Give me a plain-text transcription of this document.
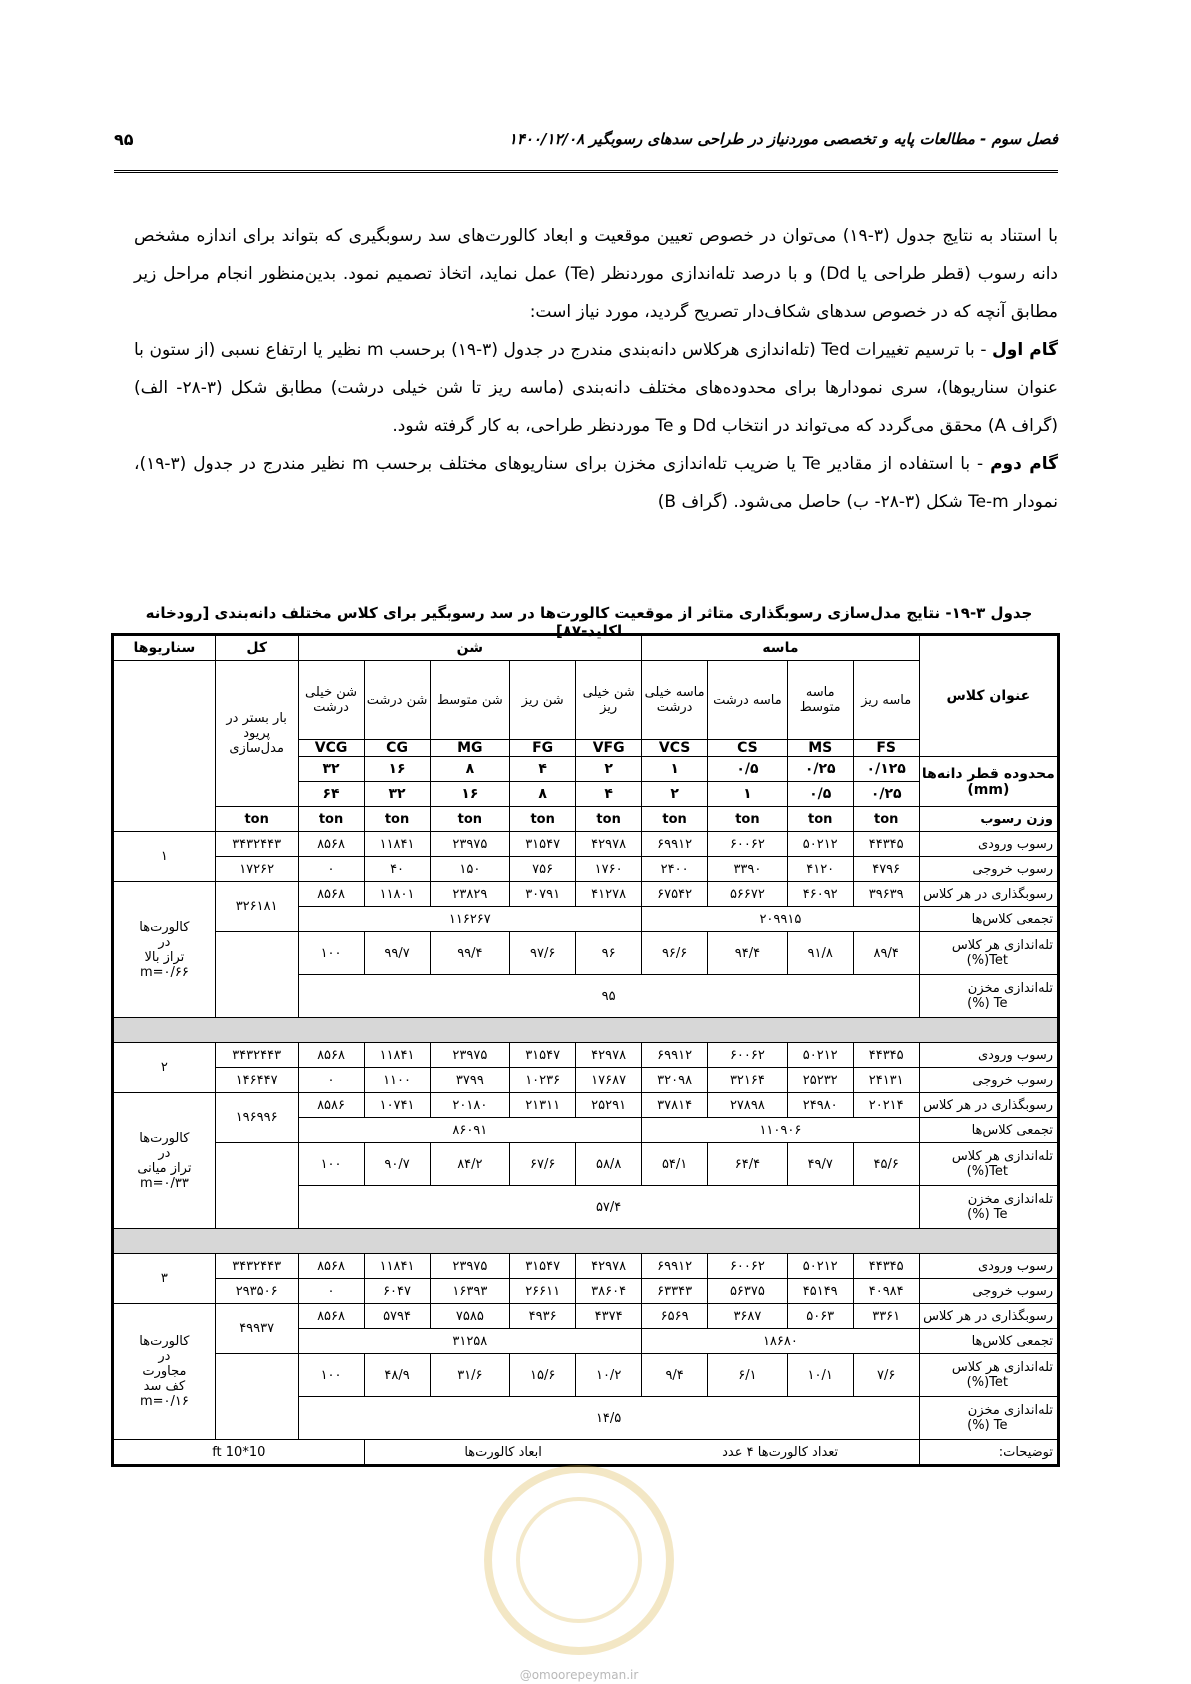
فصل سوم - مطالعات پایه و تخصصی موردنیاز در طراحی سدهای رسوبگیر ۱۴۰۰/۱۲/۰۸
۹۵

با استناد به نتایج جدول (۳-۱۹) می‌توان در خصوص تعیین موقعیت و ابعاد کالورت‌های سد رسوبگیری که بتواند برای اندازه مشخص دانه رسوب (قطر طراحی یا Dd) و با درصد تله‌اندازی موردنظر (Te) عمل نماید، اتخاذ تصمیم نمود. بدین‌منظور انجام مراحل زیر مطابق آنچه که در خصوص سدهای شکاف‌دار تصریح گردید، مورد نیاز است:

گام اول - با ترسیم تغییرات Ted (تله‌اندازی هرکلاس دانه‌بندی مندرج در جدول (۳-۱۹) برحسب m نظیر یا ارتفاع نسبی (از ستون با عنوان سناریوها)، سری نمودارها برای محدوده‌های مختلف دانه‌بندی (ماسه ریز تا شن خیلی درشت) مطابق شکل (۳-۲۸- الف) (گراف A) محقق می‌گردد که می‌تواند در انتخاب Dd و Te موردنظر طراحی، به کار گرفته شود.

گام دوم - با استفاده از مقادیر Te یا ضریب تله‌اندازی مخزن برای سناریوهای مختلف برحسب m نظیر مندرج در جدول (۳-۱۹)، نمودار Te-m شکل (۳-۲۸- ب) حاصل می‌شود. (گراف B)

جدول ۳-۱۹- نتایج مدل‌سازی رسوبگذاری متاثر از موقعیت کالورت‌ها در سد رسوبگیر برای کلاس مختلف دانه‌بندی [رودخانه اکلید-۸۷]
عنوان کلاس	ماسه				شن					کل	سناریوها
	ماسه ریز	ماسه متوسط	ماسه درشت	ماسه خیلی درشت	شن خیلی ریز	شن ریز	شن متوسط	شن درشت	شن خیلی درشت	بار بستر در پریود مدل‌سازی	
	FS	MS	CS	VCS	VFG	FG	MG	CG	VCG		
محدوده قطر دانه‌ها (mm)	۰/۱۲۵	۰/۲۵	۰/۵	۱	۲	۴	۸	۱۶	۳۲		
	۰/۲۵	۰/۵	۱	۲	۴	۸	۱۶	۳۲	۶۴		
وزن رسوب	ton	ton	ton	ton	ton	ton	ton	ton	ton	ton	
رسوب ورودی	۴۴۳۴۵	۵۰۲۱۲	۶۰۰۶۲	۶۹۹۱۲	۴۲۹۷۸	۳۱۵۴۷	۲۳۹۷۵	۱۱۸۴۱	۸۵۶۸	۳۴۳۲۴۴۳	۱
رسوب خروجی	۴۷۹۶	۴۱۲۰	۳۳۹۰	۲۴۰۰	۱۷۶۰	۷۵۶	۱۵۰	۴۰	۰	۱۷۲۶۲	
رسوبگذاری در هر کلاس	۳۹۶۳۹	۴۶۰۹۲	۵۶۶۷۲	۶۷۵۴۲	۴۱۲۷۸	۳۰۷۹۱	۲۳۸۲۹	۱۱۸۰۱	۸۵۶۸	۳۲۶۱۸۱	کالورت‌ها
در
تراز بالا
m=۰/۶۶

تجمعی کلاس‌ها	۲۰۹۹۱۵				۱۱۶۲۶۷						

تله‌اندازی هر کلاس
Tet(%)	۸۹/۴	۹۱/۸	۹۴/۴	۹۶/۶	۹۶	۹۷/۶	۹۹/۴	۹۹/۷	۱۰۰		

تله‌اندازی مخزن
Te (%)	۹۵										

رسوب ورودی	۴۴۳۴۵	۵۰۲۱۲	۶۰۰۶۲	۶۹۹۱۲	۴۲۹۷۸	۳۱۵۴۷	۲۳۹۷۵	۱۱۸۴۱	۸۵۶۸	۳۴۳۲۴۴۳	۲
رسوب خروجی	۲۴۱۳۱	۲۵۲۳۲	۳۲۱۶۴	۳۲۰۹۸	۱۷۶۸۷	۱۰۲۳۶	۳۷۹۹	۱۱۰۰	۰	۱۴۶۴۴۷	
رسوبگذاری در هر کلاس	۲۰۲۱۴	۲۴۹۸۰	۲۷۸۹۸	۳۷۸۱۴	۲۵۲۹۱	۲۱۳۱۱	۲۰۱۸۰	۱۰۷۴۱	۸۵۸۶	۱۹۶۹۹۶	کالورت‌ها
در
تراز میانی
m=۰/۳۳

تجمعی کلاس‌ها	۱۱۰۹۰۶				۸۶۰۹۱						

تله‌اندازی هر کلاس
Tet(%)	۴۵/۶	۴۹/۷	۶۴/۴	۵۴/۱	۵۸/۸	۶۷/۶	۸۴/۲	۹۰/۷	۱۰۰		

تله‌اندازی مخزن
Te (%)	۵۷/۴										

رسوب ورودی	۴۴۳۴۵	۵۰۲۱۲	۶۰۰۶۲	۶۹۹۱۲	۴۲۹۷۸	۳۱۵۴۷	۲۳۹۷۵	۱۱۸۴۱	۸۵۶۸	۳۴۳۲۴۴۳	۳
رسوب خروجی	۴۰۹۸۴	۴۵۱۴۹	۵۶۳۷۵	۶۳۳۴۳	۳۸۶۰۴	۲۶۶۱۱	۱۶۳۹۳	۶۰۴۷	۰	۲۹۳۵۰۶	
رسوبگذاری در هر کلاس	۳۳۶۱	۵۰۶۳	۳۶۸۷	۶۵۶۹	۴۳۷۴	۴۹۳۶	۷۵۸۵	۵۷۹۴	۸۵۶۸	۴۹۹۳۷	کالورت‌ها
در
مجاورت
کف سد
m=۰/۱۶

تجمعی کلاس‌ها	۱۸۶۸۰				۳۱۲۵۸						

تله‌اندازی هر کلاس
Tet(%)	۷/۶	۱۰/۱	۶/۱	۹/۴	۱۰/۲	۱۵/۶	۳۱/۶	۴۸/۹	۱۰۰		

تله‌اندازی مخزن
Te (%)	۱۴/۵										
توضیحات:	تعداد کالورت‌ها ۴ عدد				ابعاد کالورت‌ها				10*10 ft		
@omoorepeyman.ir
